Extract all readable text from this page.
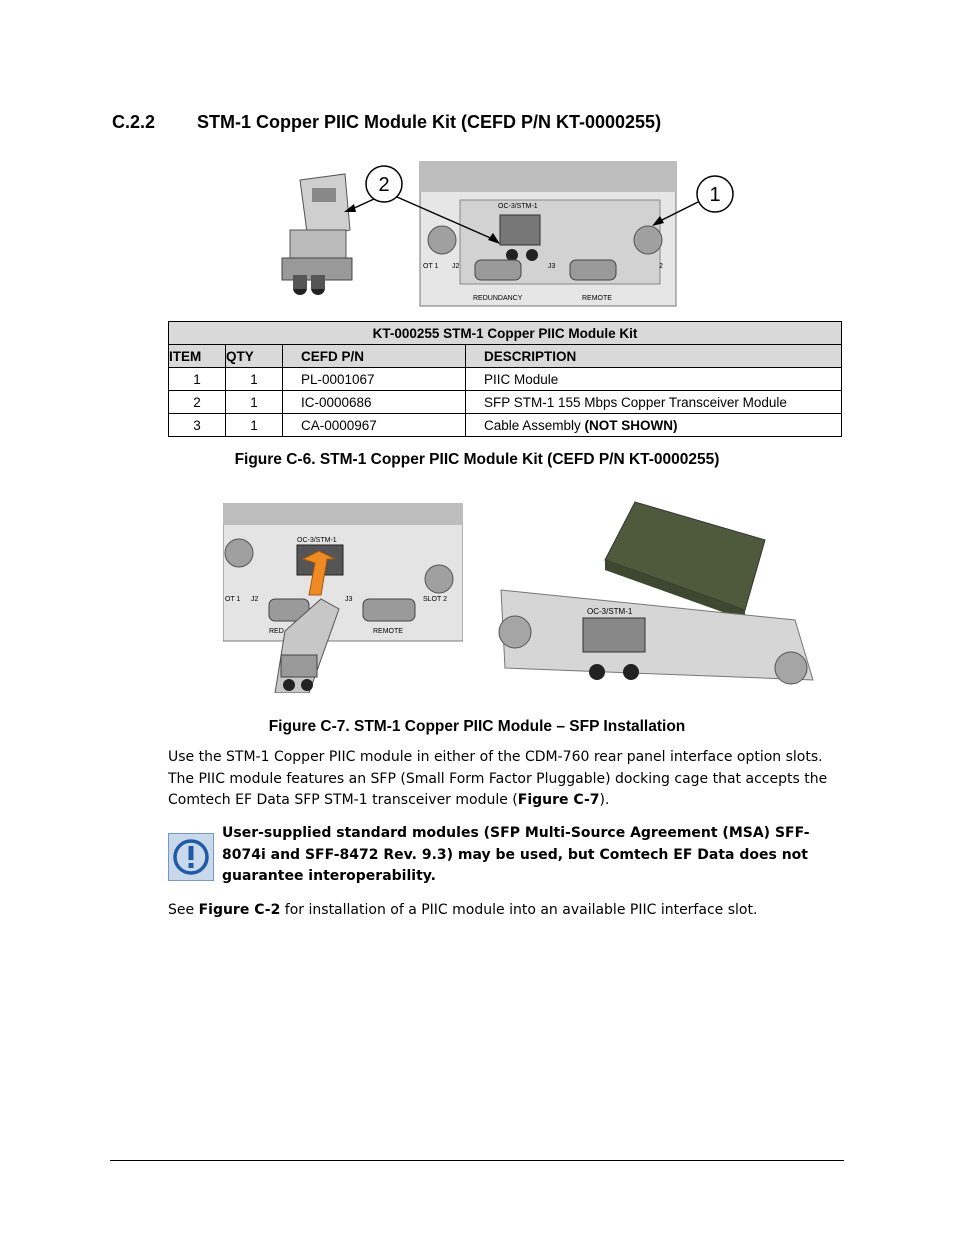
C.2.2 STM-1 Copper PIIC Module Kit (CEFD P/N KT-0000255)
OC-3/STM-1
J2	J3
REDUNDANCY	REMOTE
OT 1	2
2	1
KT-000255 STM-1 Copper PIIC Module Kit			
ITEM	QTY	CEFD P/N	DESCRIPTION
1	1	PL-0001067	PIIC Module
2	1	IC-0000686	SFP STM-1 155 Mbps Copper Transceiver Module
3	1	CA-0000967	Cable Assembly (NOT SHOWN)
Figure C-6. STM-1 Copper PIIC Module Kit (CEFD P/N KT-0000255)
OC-3/STM-1
J2	J3	SLOT 2
REMOTE
OT 1
RED
OC-3/STM-1
Figure C-7. STM-1 Copper PIIC Module – SFP Installation
Use the STM-1 Copper PIIC module in either of the CDM-760 rear panel interface option slots. The PIIC module features an SFP (Small Form Factor Pluggable) docking cage that accepts the Comtech EF Data SFP STM-1 transceiver module (Figure C-7).
User-supplied standard modules (SFP Multi-Source Agreement (MSA) SFF-8074i and SFF-8472 Rev. 9.3) may be used, but Comtech EF Data does not guarantee interoperability.
See Figure C-2 for installation of a PIIC module into an available PIIC interface slot.
